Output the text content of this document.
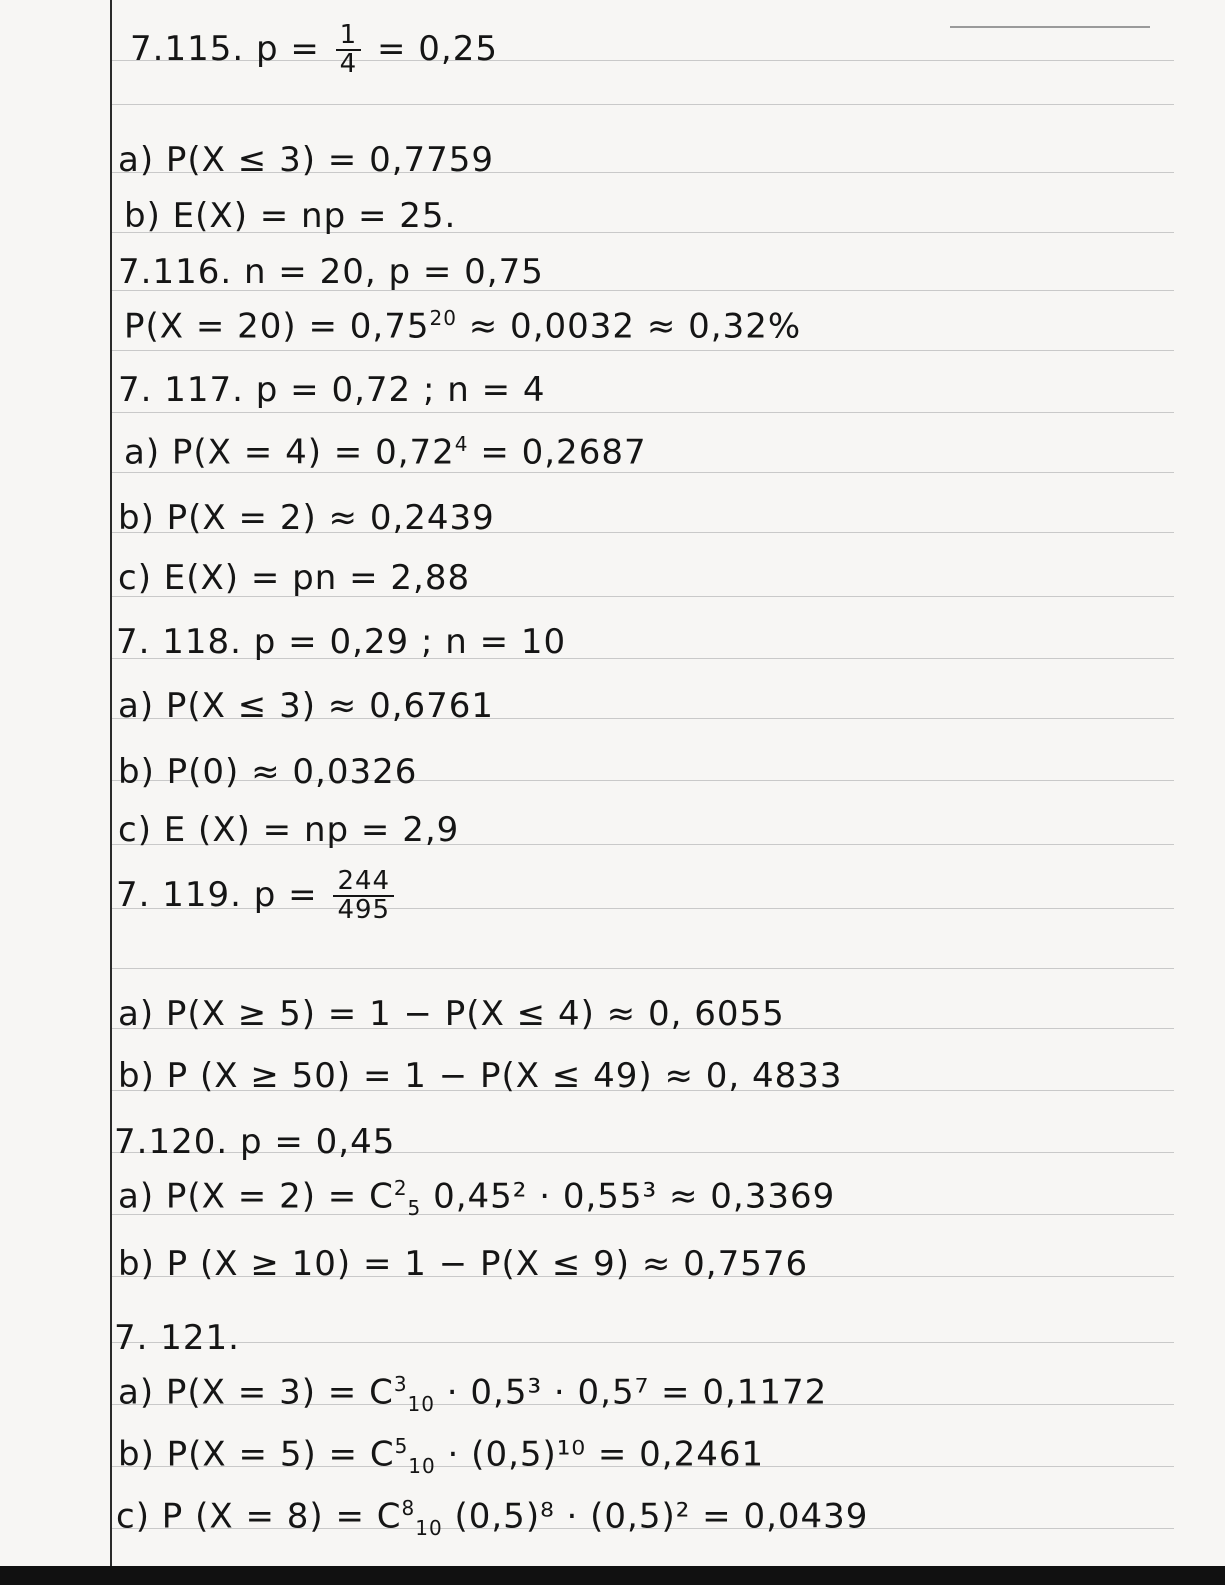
7.115. $p = \frac{1}{4} = 0,25$
a) P(X ≤ 3) = 0,7759
b) E(X) = np = 25.
7.116. n = 20, p = 0,75
$P(X = 20) = 0,75^{20} \approx 0,0032 \approx 0,32\%$
7. 117. p = 0,72 ; n = 4
a) $P(X = 4) = 0,72^4 = 0,2687$
b) P(X = 2) ≈ 0,2439
c) E(X) = pn = 2,88
7. 118. p = 0,29 ; n = 10
a) P(X ≤ 3) ≈ 0,6761
b) P(0) ≈ 0,0326
c) E (X) = np = 2,9
7. 119. $p = \frac{244}{495}$
a) P(X ≥ 5) = 1 − P(X ≤ 4) ≈ 0, 6055
b) P (X ≥ 50) = 1 − P(X ≤ 49) ≈ 0, 4833
7.120. p = 0,45
a) $P(X = 2) = C^2_5$ 0,45² · 0,55³ ≈ 0,3369
b) P (X ≥ 10) = 1 − P(X ≤ 9) ≈ 0,7576
7. 121.
a) $P(X = 3) = C^3_{10} \cdot 0,5^3 \cdot 0,5^7 = 0,1172$
b) $P(X = 5) = C^5_{10} \cdot (0,5)^{10} = 0,2461$
c) P $(X = 8) = C^8_{10}$ (0,5)⁸ · (0,5)² = 0,0439
